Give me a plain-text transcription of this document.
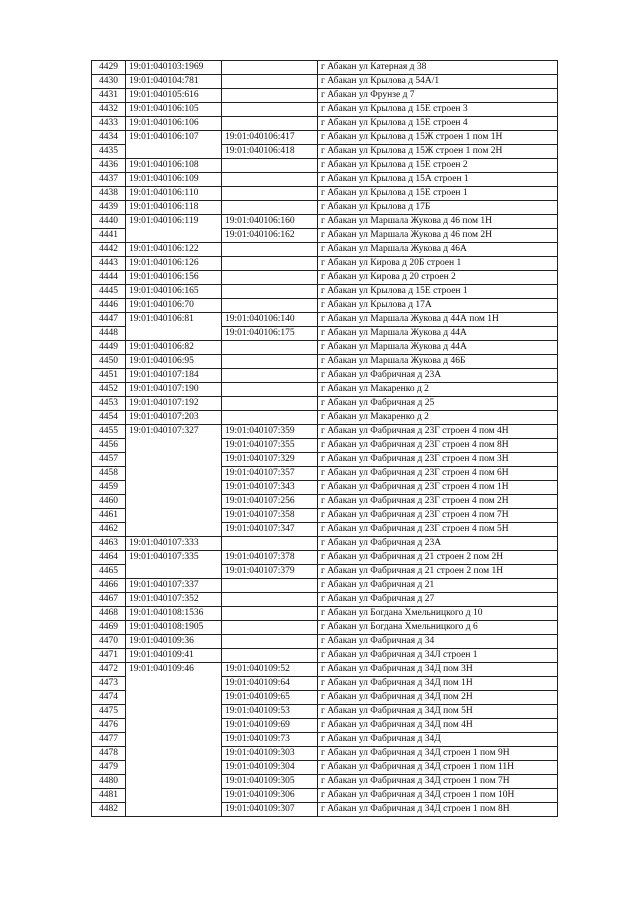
4429	19:01:040103:1969		г Абакан ул Катерная д 38
4430	19:01:040104:781		г Абакан ул Крылова д 54А/1
4431	19:01:040105:616		г Абакан ул Фрунзе д 7
4432	19:01:040106:105		г Абакан ул Крылова д 15Е строен 3
4433	19:01:040106:106		г Абакан ул Крылова д 15Е строен 4
4434	19:01:040106:107	19:01:040106:417	г Абакан ул Крылова д 15Ж строен 1 пом 1Н
4435		19:01:040106:418	г Абакан ул Крылова д 15Ж строен 1 пом 2Н
4436	19:01:040106:108		г Абакан ул Крылова д 15Е строен 2
4437	19:01:040106:109		г Абакан ул Крылова д 15А строен 1
4438	19:01:040106:110		г Абакан ул Крылова д 15Е строен 1
4439	19:01:040106:118		г Абакан ул Крылова д 17Б
4440	19:01:040106:119	19:01:040106:160	г Абакан ул Маршала Жукова д 46 пом 1Н
4441		19:01:040106:162	г Абакан ул Маршала Жукова д 46 пом 2Н
4442	19:01:040106:122		г Абакан ул Маршала Жукова д 46А
4443	19:01:040106:126		г Абакан ул Кирова д 20Б строен 1
4444	19:01:040106:156		г Абакан ул Кирова д 20 строен 2
4445	19:01:040106:165		г Абакан ул Крылова д 15Е строен 1
4446	19:01:040106:70		г Абакан ул Крылова д 17А
4447	19:01:040106:81	19:01:040106:140	г Абакан ул Маршала Жукова д 44А пом 1Н
4448		19:01:040106:175	г Абакан ул Маршала Жукова д 44А
4449	19:01:040106:82		г Абакан ул Маршала Жукова д 44А
4450	19:01:040106:95		г Абакан ул Маршала Жукова д 46Б
4451	19:01:040107:184		г Абакан ул Фабричная д 23А
4452	19:01:040107:190		г Абакан ул Макаренко д 2
4453	19:01:040107:192		г Абакан ул Фабричная д 25
4454	19:01:040107:203		г Абакан ул Макаренко д 2
4455	19:01:040107:327	19:01:040107:359	г Абакан ул Фабричная д 23Г строен 4 пом 4Н
4456		19:01:040107:355	г Абакан ул Фабричная д 23Г строен 4 пом 8Н
4457		19:01:040107:329	г Абакан ул Фабричная д 23Г строен 4 пом 3Н
4458		19:01:040107:357	г Абакан ул Фабричная д 23Г строен 4 пом 6Н
4459		19:01:040107:343	г Абакан ул Фабричная д 23Г строен 4 пом 1Н
4460		19:01:040107:256	г Абакан ул Фабричная д 23Г строен 4 пом 2Н
4461		19:01:040107:358	г Абакан ул Фабричная д 23Г строен 4 пом 7Н
4462		19:01:040107:347	г Абакан ул Фабричная д 23Г строен 4 пом 5Н
4463	19:01:040107:333		г Абакан ул Фабричная д 23А
4464	19:01:040107:335	19:01:040107:378	г Абакан ул Фабричная д 21 строен 2 пом 2Н
4465		19:01:040107:379	г Абакан ул Фабричная д 21 строен 2 пом 1Н
4466	19:01:040107:337		г Абакан ул Фабричная д 21
4467	19:01:040107:352		г Абакан ул Фабричная д 27
4468	19:01:040108:1536		г Абакан ул Богдана Хмельницкого д 10
4469	19:01:040108:1905		г Абакан ул Богдана Хмельницкого д 6
4470	19:01:040109:36		г Абакан ул Фабричная д 34
4471	19:01:040109:41		г Абакан ул Фабричная д 34Л строен 1
4472	19:01:040109:46	19:01:040109:52	г Абакан ул Фабричная д 34Д пом 3Н
4473		19:01:040109:64	г Абакан ул Фабричная д 34Д пом 1Н
4474		19:01:040109:65	г Абакан ул Фабричная д 34Д пом 2Н
4475		19:01:040109:53	г Абакан ул Фабричная д 34Д пом 5Н
4476		19:01:040109:69	г Абакан ул Фабричная д 34Д пом 4Н
4477		19:01:040109:73	г Абакан ул Фабричная д 34Д
4478		19:01:040109:303	г Абакан ул Фабричная д 34Д строен 1 пом 9Н
4479		19:01:040109:304	г Абакан ул Фабричная д 34Д строен 1 пом 11Н
4480		19:01:040109:305	г Абакан ул Фабричная д 34Д строен 1 пом 7Н
4481		19:01:040109:306	г Абакан ул Фабричная д 34Д строен 1 пом 10Н
4482		19:01:040109:307	г Абакан ул Фабричная д 34Д строен 1 пом 8Н
